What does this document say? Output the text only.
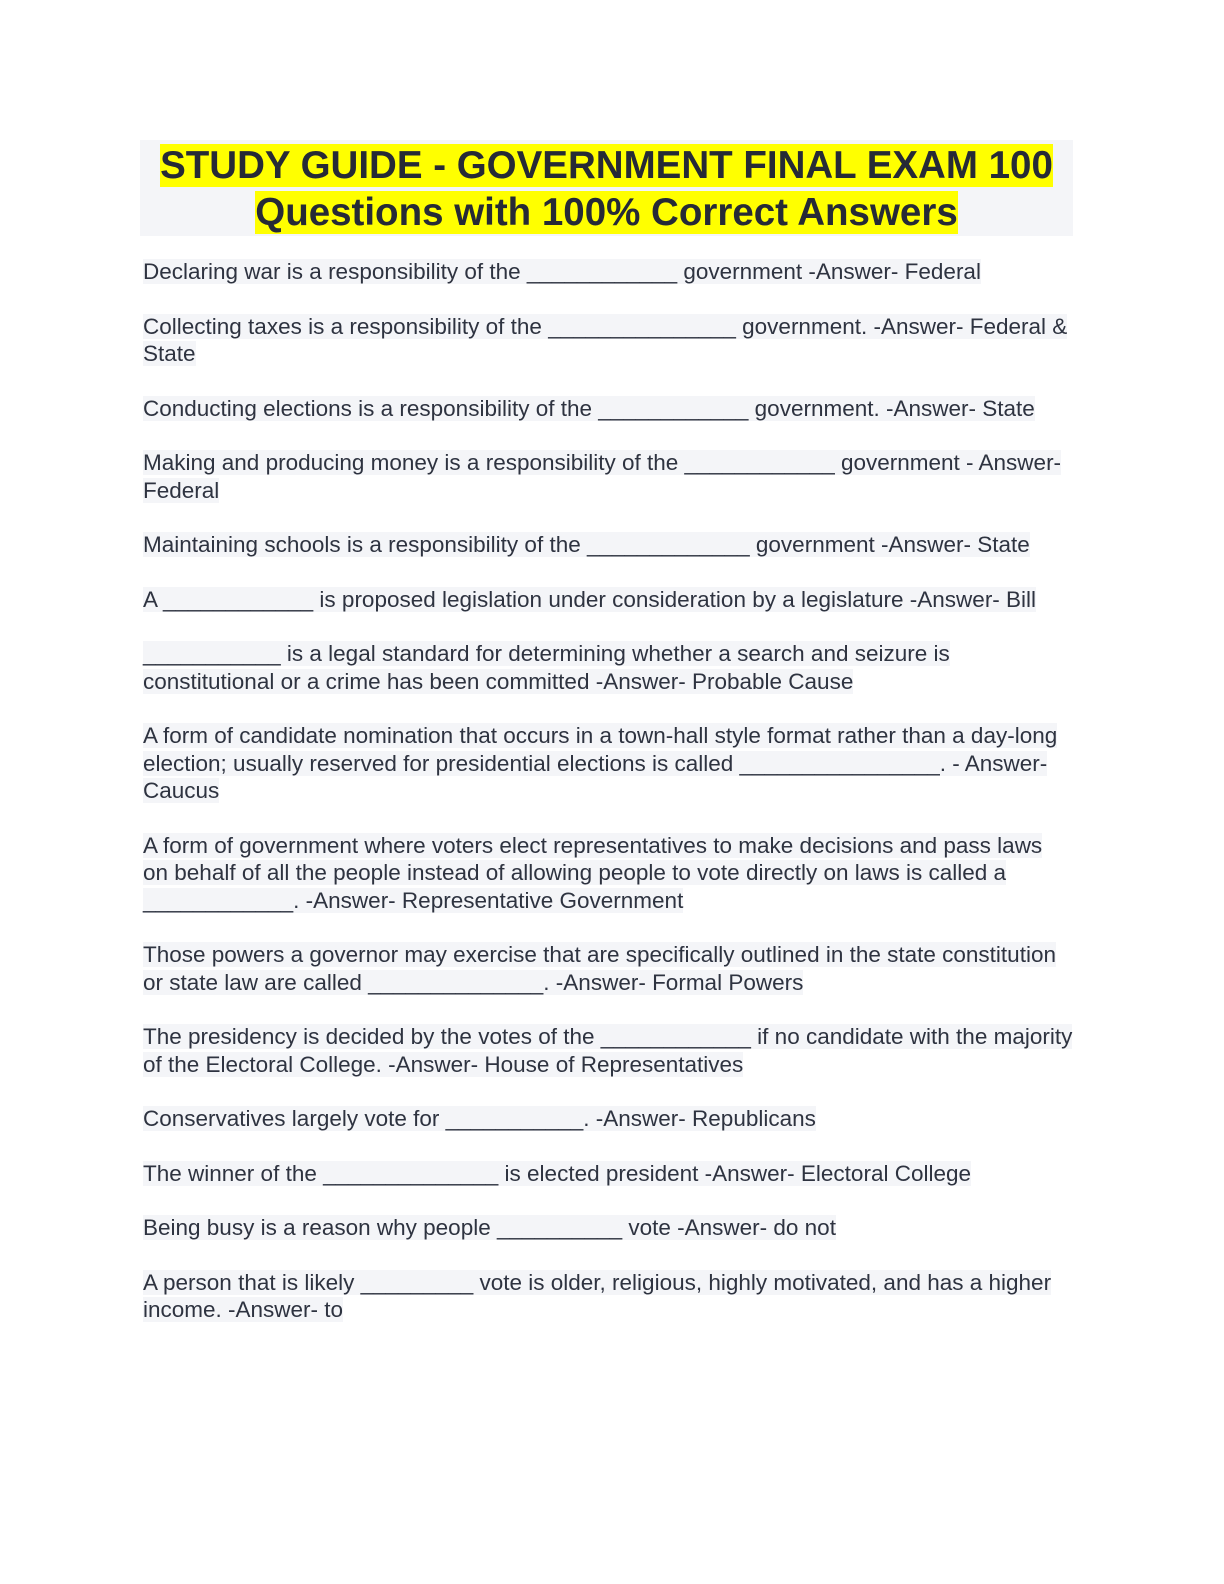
STUDY GUIDE - GOVERNMENT FINAL EXAM 100
Questions with 100% Correct Answers
Declaring war is a responsibility of the ____________ government -Answer- Federal
Collecting taxes is a responsibility of the _______________ government. -Answer- Federal & State
Conducting elections is a responsibility of the ____________ government. -Answer- State
Making and producing money is a responsibility of the ____________ government - Answer- Federal
Maintaining schools is a responsibility of the _____________ government -Answer- State
A ____________ is proposed legislation under consideration by a legislature -Answer- Bill
___________ is a legal standard for determining whether a search and seizure is constitutional or a crime has been committed -Answer- Probable Cause
A form of candidate nomination that occurs in a town-hall style format rather than a day-long election; usually reserved for presidential elections is called ________________. - Answer- Caucus
A form of government where voters elect representatives to make decisions and pass laws on behalf of all the people instead of allowing people to vote directly on laws is called a ____________. -Answer- Representative Government
Those powers a governor may exercise that are specifically outlined in the state constitution or state law are called ______________. -Answer- Formal Powers
The presidency is decided by the votes of the ____________ if no candidate with the majority of the Electoral College. -Answer- House of Representatives
Conservatives largely vote for ___________. -Answer- Republicans
The winner of the ______________ is elected president -Answer- Electoral College
Being busy is a reason why people __________ vote -Answer- do not
A person that is likely _________ vote is older, religious, highly motivated, and has a higher income. -Answer- to
